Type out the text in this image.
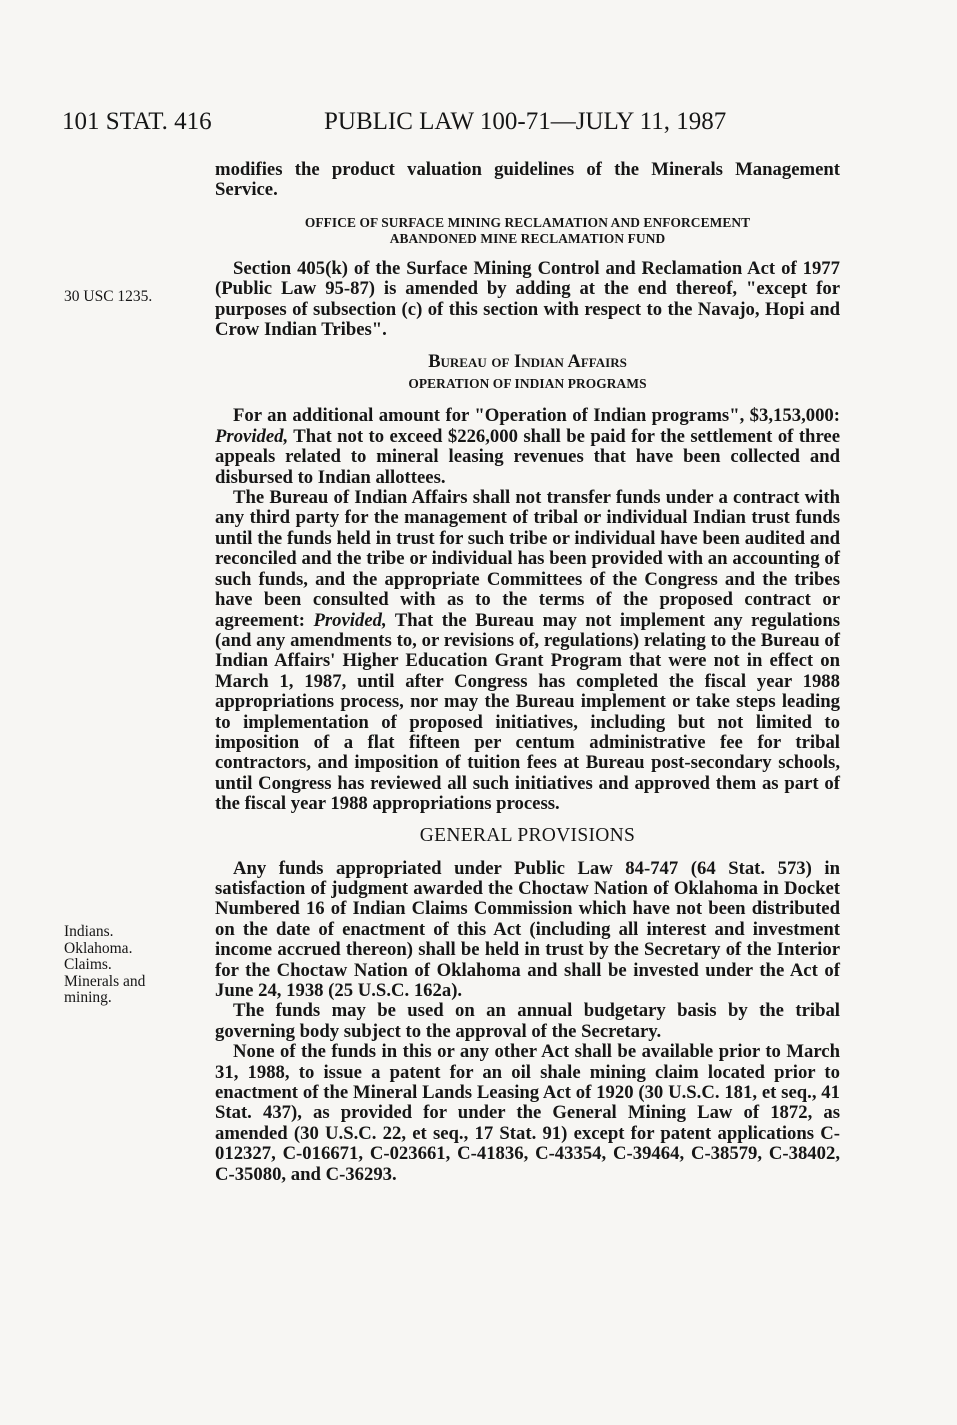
101 STAT. 416	PUBLIC LAW 100-71—JULY 11, 1987
30 USC 1235.
Indians.
Oklahoma.
Claims.
Minerals and
mining.

modifies the product valuation guidelines of the Minerals Management Service.

OFFICE OF SURFACE MINING RECLAMATION AND ENFORCEMENT
ABANDONED MINE RECLAMATION FUND

Section 405(k) of the Surface Mining Control and Reclamation Act of 1977 (Public Law 95-87) is amended by adding at the end thereof, "except for purposes of subsection (c) of this section with respect to the Navajo, Hopi and Crow Indian Tribes".

Bureau of Indian Affairs
OPERATION OF INDIAN PROGRAMS

For an additional amount for "Operation of Indian programs", $3,153,000: Provided, That not to exceed $226,000 shall be paid for the settlement of three appeals related to mineral leasing revenues that have been collected and disbursed to Indian allottees.

The Bureau of Indian Affairs shall not transfer funds under a contract with any third party for the management of tribal or individual Indian trust funds until the funds held in trust for such tribe or individual have been audited and reconciled and the tribe or individual has been provided with an accounting of such funds, and the appropriate Committees of the Congress and the tribes have been consulted with as to the terms of the proposed contract or agreement: Provided, That the Bureau may not implement any regulations (and any amendments to, or revisions of, regulations) relating to the Bureau of Indian Affairs' Higher Education Grant Program that were not in effect on March 1, 1987, until after Congress has completed the fiscal year 1988 appropriations process, nor may the Bureau implement or take steps leading to implementation of proposed initiatives, including but not limited to imposition of a flat fifteen per centum administrative fee for tribal contractors, and imposition of tuition fees at Bureau post-secondary schools, until Congress has reviewed all such initiatives and approved them as part of the fiscal year 1988 appropriations process.

GENERAL PROVISIONS

Any funds appropriated under Public Law 84-747 (64 Stat. 573) in satisfaction of judgment awarded the Choctaw Nation of Oklahoma in Docket Numbered 16 of Indian Claims Commission which have not been distributed on the date of enactment of this Act (including all interest and investment income accrued thereon) shall be held in trust by the Secretary of the Interior for the Choctaw Nation of Oklahoma and shall be invested under the Act of June 24, 1938 (25 U.S.C. 162a).

The funds may be used on an annual budgetary basis by the tribal governing body subject to the approval of the Secretary.

None of the funds in this or any other Act shall be available prior to March 31, 1988, to issue a patent for an oil shale mining claim located prior to enactment of the Mineral Lands Leasing Act of 1920 (30 U.S.C. 181, et seq., 41 Stat. 437), as provided for under the General Mining Law of 1872, as amended (30 U.S.C. 22, et seq., 17 Stat. 91) except for patent applications C-012327, C-016671, C-023661, C-41836, C-43354, C-39464, C-38579, C-38402, C-35080, and C-36293.
